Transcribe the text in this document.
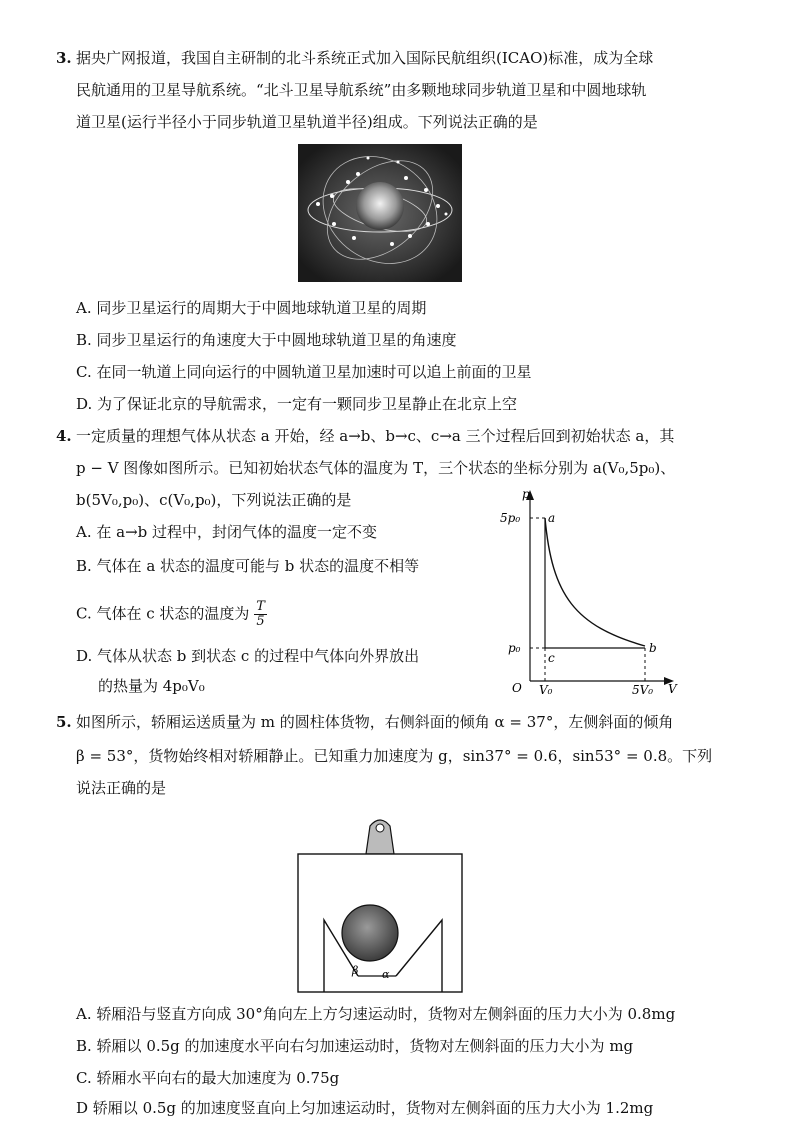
3. 据央广网报道，我国自主研制的北斗系统正式加入国际民航组织(ICAO)标准，成为全球
民航通用的卫星导航系统。“北斗卫星导航系统”由多颗地球同步轨道卫星和中圆地球轨
道卫星(运行半径小于同步轨道卫星轨道半径)组成。下列说法正确的是
A. 同步卫星运行的周期大于中圆地球轨道卫星的周期
B. 同步卫星运行的角速度大于中圆地球轨道卫星的角速度
C. 在同一轨道上同向运行的中圆轨道卫星加速时可以追上前面的卫星
D. 为了保证北京的导航需求，一定有一颗同步卫星静止在北京上空
4. 一定质量的理想气体从状态 a 开始，经 a→b、b→c、c→a 三个过程后回到初始状态 a，其
p − V 图像如图所示。已知初始状态气体的温度为 T，三个状态的坐标分别为 a(V₀,5p₀)、
b(5V₀,p₀)、c(V₀,p₀)，下列说法正确的是
A. 在 a→b 过程中，封闭气体的温度一定不变
B. 气体在 a 状态的温度可能与 b 状态的温度不相等
C. 气体在 c 状态的温度为 $\frac{T}{5}$
D. 气体从状态 b 到状态 c 的过程中气体向外界放出
的热量为 4p₀V₀
p
V
O
5p₀
p₀
V₀	5V₀
a
b
c
5. 如图所示，轿厢运送质量为 m 的圆柱体货物，右侧斜面的倾角 α = 37°，左侧斜面的倾角
β = 53°，货物始终相对轿厢静止。已知重力加速度为 g，sin37° = 0.6，sin53° = 0.8。下列
说法正确的是
β α
A. 轿厢沿与竖直方向成 30°角向左上方匀速运动时，货物对左侧斜面的压力大小为 0.8mg
B. 轿厢以 0.5g 的加速度水平向右匀加速运动时，货物对左侧斜面的压力大小为 mg
C. 轿厢水平向右的最大加速度为 0.75g
D 轿厢以 0.5g 的加速度竖直向上匀加速运动时，货物对左侧斜面的压力大小为 1.2mg
